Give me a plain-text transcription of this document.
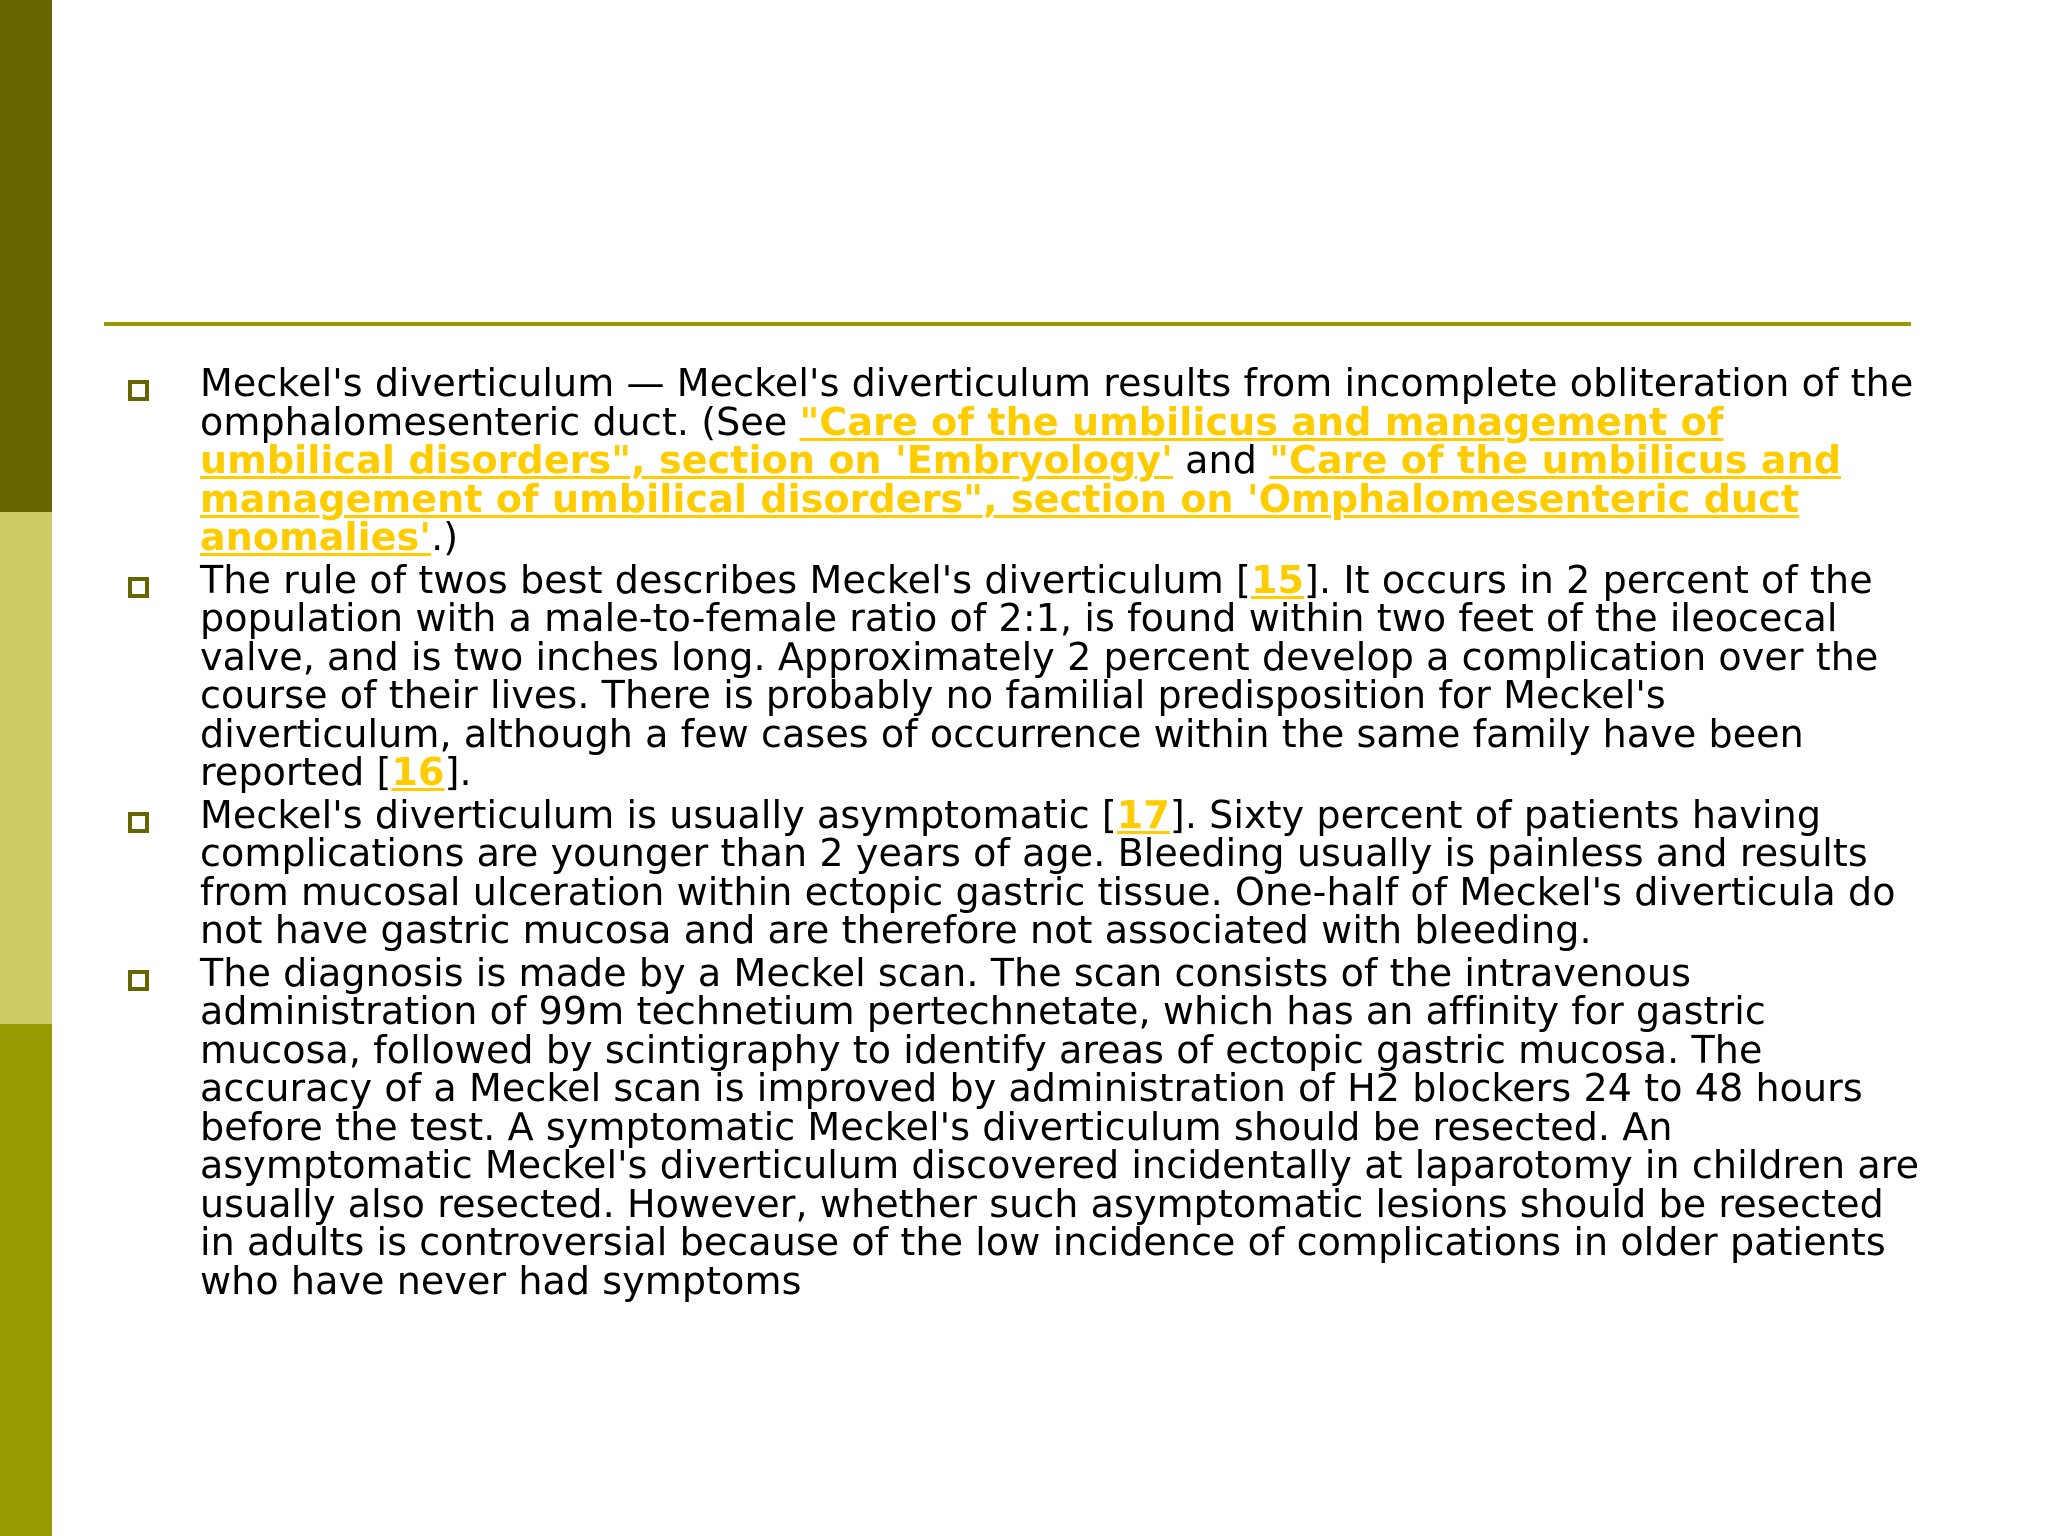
Meckel's diverticulum — Meckel's diverticulum results from incomplete obliteration of the omphalomesenteric duct. (See "Care of the umbilicus and management of umbilical disorders", section on 'Embryology' and "Care of the umbilicus and management of umbilical disorders", section on 'Omphalomesenteric duct anomalies'.)
The rule of twos best describes Meckel's diverticulum [15]. It occurs in 2 percent of the population with a male-to-female ratio of 2:1, is found within two feet of the ileocecal valve, and is two inches long. Approximately 2 percent develop a complication over the course of their lives. There is probably no familial predisposition for Meckel's diverticulum, although a few cases of occurrence within the same family have been reported [16].
Meckel's diverticulum is usually asymptomatic [17]. Sixty percent of patients having complications are younger than 2 years of age. Bleeding usually is painless and results from mucosal ulceration within ectopic gastric tissue. One-half of Meckel's diverticula do not have gastric mucosa and are therefore not associated with bleeding.
The diagnosis is made by a Meckel scan. The scan consists of the intravenous administration of 99m technetium pertechnetate, which has an affinity for gastric mucosa, followed by scintigraphy to identify areas of ectopic gastric mucosa. The accuracy of a Meckel scan is improved by administration of H2 blockers 24 to 48 hours before the test. A symptomatic Meckel's diverticulum should be resected. An asymptomatic Meckel's diverticulum discovered incidentally at laparotomy in children are usually also resected. However, whether such asymptomatic lesions should be resected in adults is controversial because of the low incidence of complications in older patients who have never had symptoms
